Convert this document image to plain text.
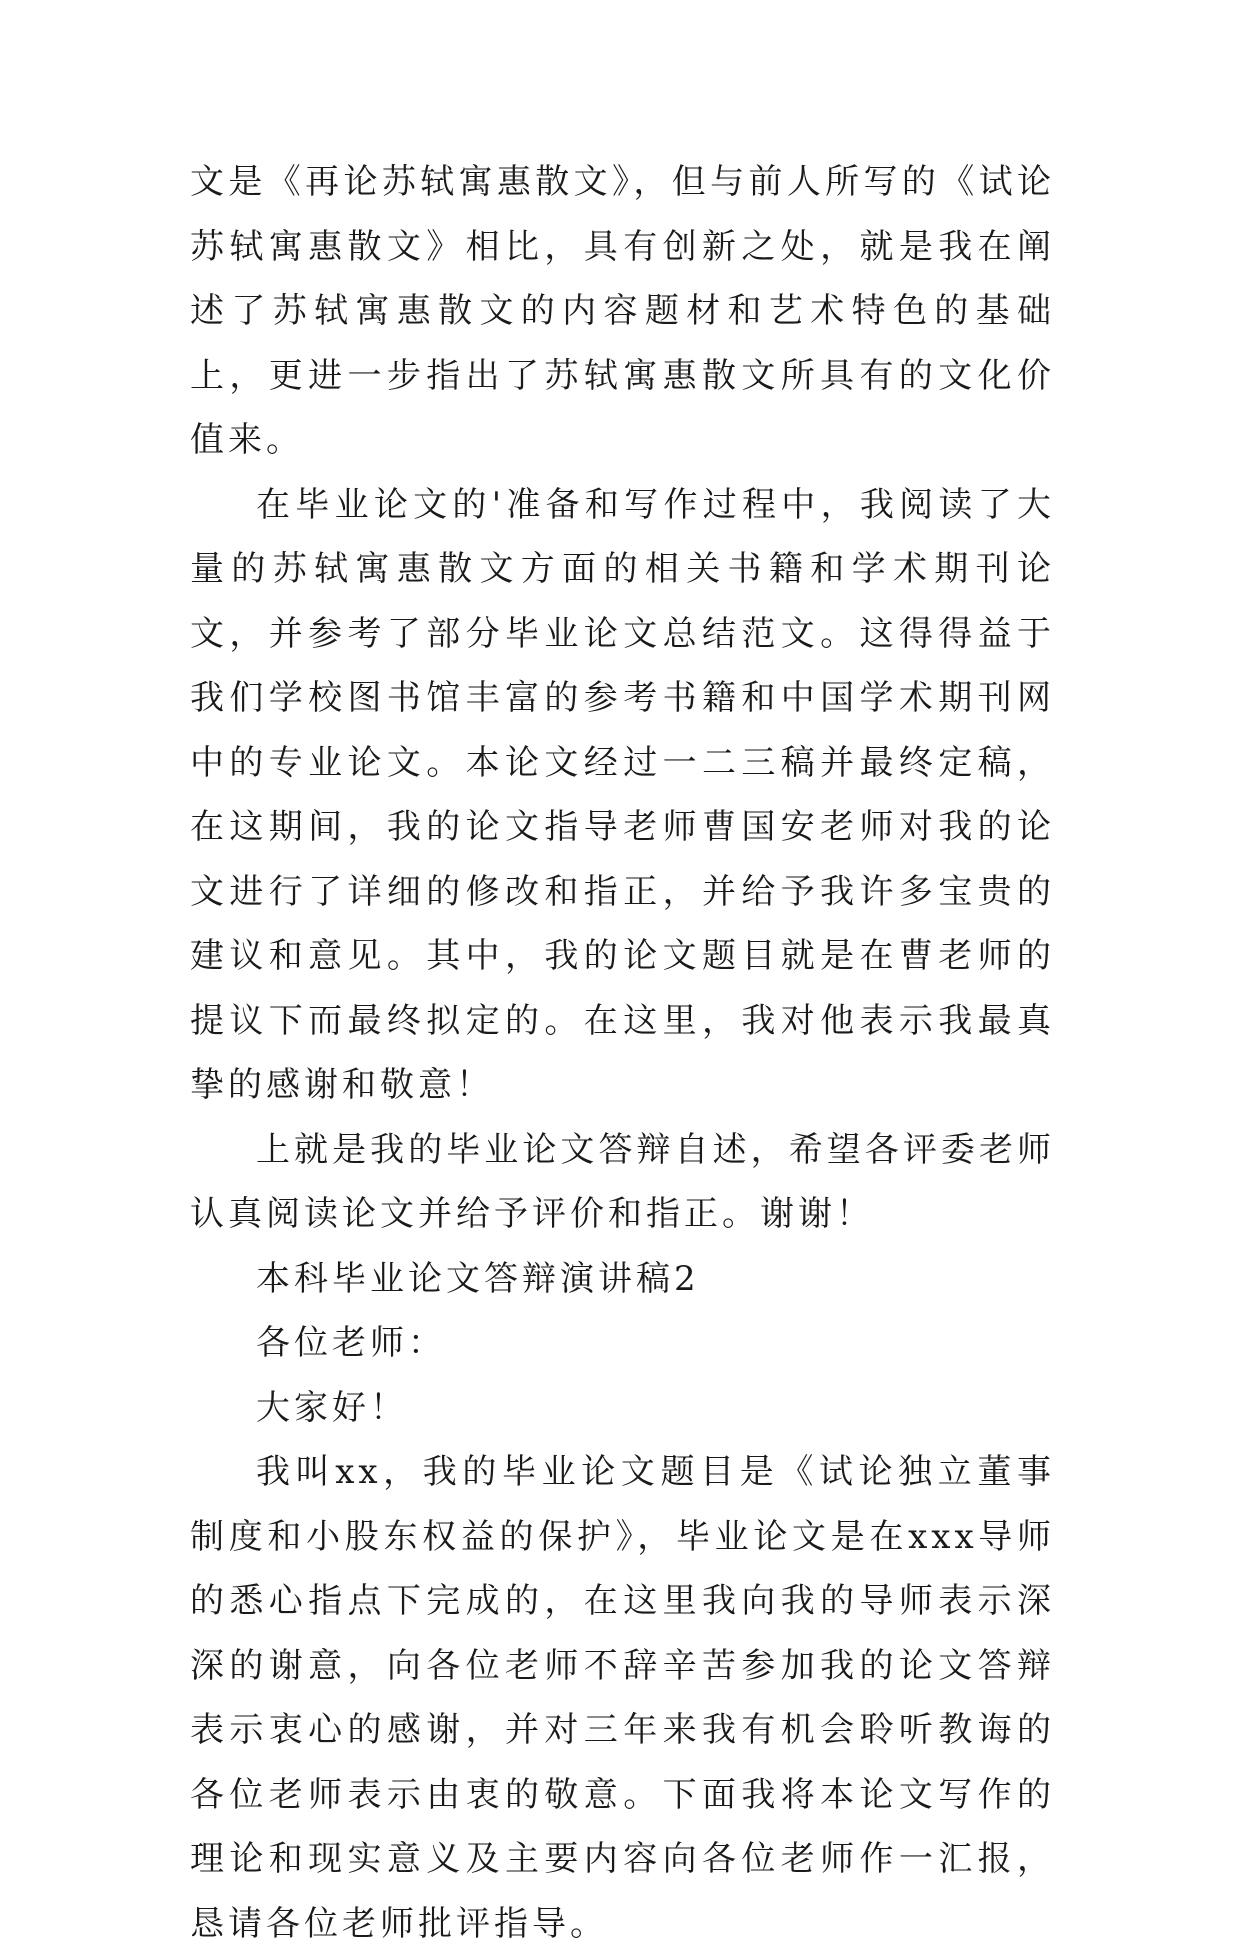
文是《再论苏轼寓惠散文》，但与前人所写的《试论苏轼寓惠散文》相比，具有创新之处，就是我在阐述了苏轼寓惠散文的内容题材和艺术特色的基础上，更进一步指出了苏轼寓惠散文所具有的文化价值来。

在毕业论文的'准备和写作过程中，我阅读了大量的苏轼寓惠散文方面的相关书籍和学术期刊论文，并参考了部分毕业论文总结范文。这得得益于我们学校图书馆丰富的参考书籍和中国学术期刊网中的专业论文。本论文经过一二三稿并最终定稿，在这期间，我的论文指导老师曹国安老师对我的论文进行了详细的修改和指正，并给予我许多宝贵的建议和意见。其中，我的论文题目就是在曹老师的提议下而最终拟定的。在这里，我对他表示我最真挚的感谢和敬意！

上就是我的毕业论文答辩自述，希望各评委老师认真阅读论文并给予评价和指正。谢谢！

本科毕业论文答辩演讲稿2

各位老师：

大家好！

我叫xx，我的毕业论文题目是《试论独立董事制度和小股东权益的保护》，毕业论文是在xxx导师的悉心指点下完成的，在这里我向我的导师表示深深的谢意，向各位老师不辞辛苦参加我的论文答辩表示衷心的感谢，并对三年来我有机会聆听教诲的各位老师表示由衷的敬意。下面我将本论文写作的理论和现实意义及主要内容向各位老师作一汇报，恳请各位老师批评指导。
